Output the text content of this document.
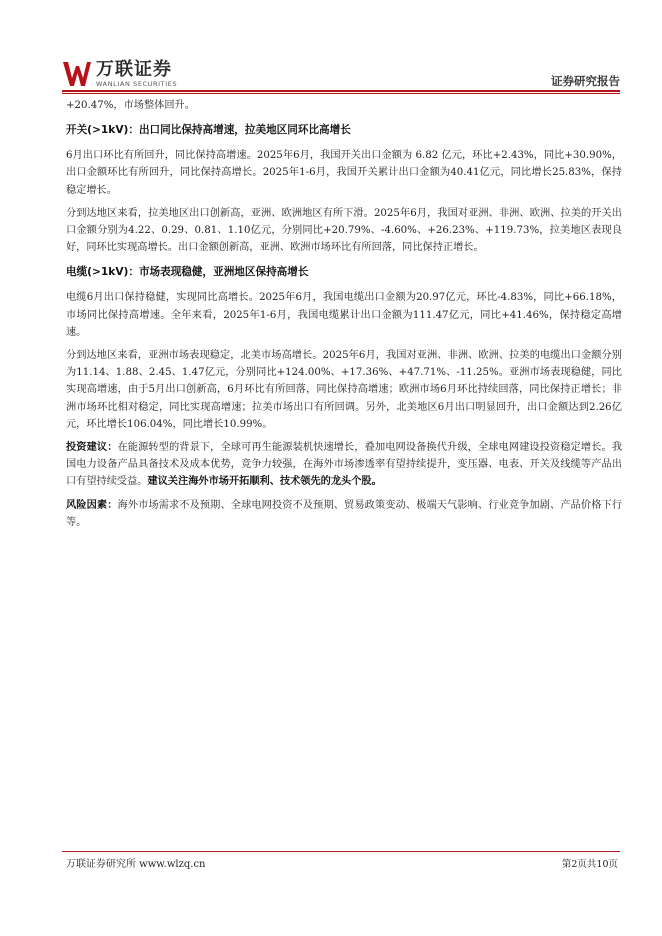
万联证券
WANLIAN SECURITIES	证券研究报告

+20.47%，市场整体回升。

开关(>1kV)：出口同比保持高增速，拉美地区同环比高增长

6月出口环比有所回升，同比保持高增速。2025年6月，我国开关出口金额为 6.82 亿元，环比+2.43%，同比+30.90%，出口金额环比有所回升，同比保持高增长。2025年1-6月，我国开关累计出口金额为40.41亿元，同比增长25.83%，保持稳定增长。

分到达地区来看，拉美地区出口创新高，亚洲、欧洲地区有所下滑。2025年6月，我国对亚洲、非洲、欧洲、拉美的开关出口金额分别为4.22、0.29、0.81、1.10亿元，分别同比+20.79%、-4.60%、+26.23%、+119.73%，拉美地区表现良好，同环比实现高增长。出口金额创新高，亚洲、欧洲市场环比有所回落，同比保持正增长。

电缆(>1kV)：市场表现稳健，亚洲地区保持高增长

电缆6月出口保持稳健，实现同比高增长。2025年6月，我国电缆出口金额为20.97亿元，环比-4.83%，同比+66.18%，市场同比保持高增速。全年来看，2025年1-6月，我国电缆累计出口金额为111.47亿元，同比+41.46%，保持稳定高增速。

分到达地区来看，亚洲市场表现稳定，北美市场高增长。2025年6月，我国对亚洲、非洲、欧洲、拉美的电缆出口金额分别为11.14、1.88、2.45、1.47亿元，分别同比+124.00%、+17.36%、+47.71%、-11.25%。亚洲市场表现稳健，同比实现高增速，由于5月出口创新高，6月环比有所回落，同比保持高增速；欧洲市场6月环比持续回落，同比保持正增长；非洲市场环比相对稳定，同比实现高增速；拉美市场出口有所回调。另外，北美地区6月出口明显回升，出口金额达到2.26亿元，环比增长106.04%，同比增长10.99%。

投资建议：在能源转型的背景下，全球可再生能源装机快速增长，叠加电网设备换代升级，全球电网建设投资稳定增长。我国电力设备产品具备技术及成本优势，竞争力较强，在海外市场渗透率有望持续提升，变压器、电表、开关及线缆等产品出口有望持续受益。建议关注海外市场开拓顺利、技术领先的龙头个股。

风险因素：海外市场需求不及预期、全球电网投资不及预期、贸易政策变动、极端天气影响、行业竞争加剧、产品价格下行等。

万联证券研究所 www.wlzq.cn	第2页共10页
